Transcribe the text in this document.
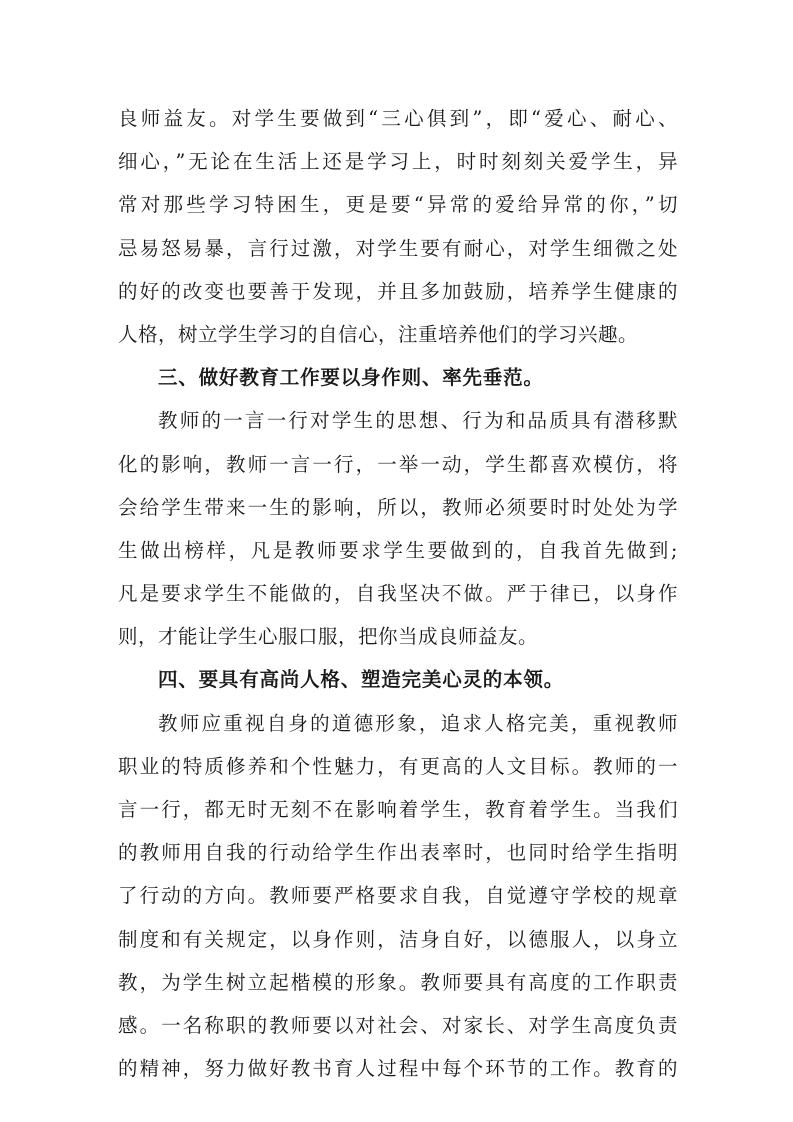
良师益友。对学生要做到“三心俱到”，即“爱心、耐心、
细心，”无论在生活上还是学习上，时时刻刻关爱学生，异
常对那些学习特困生，更是要“异常的爱给异常的你，”切
忌易怒易暴，言行过激，对学生要有耐心，对学生细微之处
的好的改变也要善于发现，并且多加鼓励，培养学生健康的
人格，树立学生学习的自信心，注重培养他们的学习兴趣。
三、做好教育工作要以身作则、率先垂范。
教师的一言一行对学生的思想、行为和品质具有潜移默
化的影响，教师一言一行，一举一动，学生都喜欢模仿，将
会给学生带来一生的影响，所以，教师必须要时时处处为学
生做出榜样，凡是教师要求学生要做到的，自我首先做到;
凡是要求学生不能做的，自我坚决不做。严于律已，以身作
则，才能让学生心服口服，把你当成良师益友。
四、要具有高尚人格、塑造完美心灵的本领。
教师应重视自身的道德形象，追求人格完美，重视教师
职业的特质修养和个性魅力，有更高的人文目标。教师的一
言一行，都无时无刻不在影响着学生，教育着学生。当我们
的教师用自我的行动给学生作出表率时，也同时给学生指明
了行动的方向。教师要严格要求自我，自觉遵守学校的规章
制度和有关规定，以身作则，洁身自好，以德服人，以身立
教，为学生树立起楷模的形象。教师要具有高度的工作职责
感。一名称职的教师要以对社会、对家长、对学生高度负责
的精神，努力做好教书育人过程中每个环节的工作。教育的
